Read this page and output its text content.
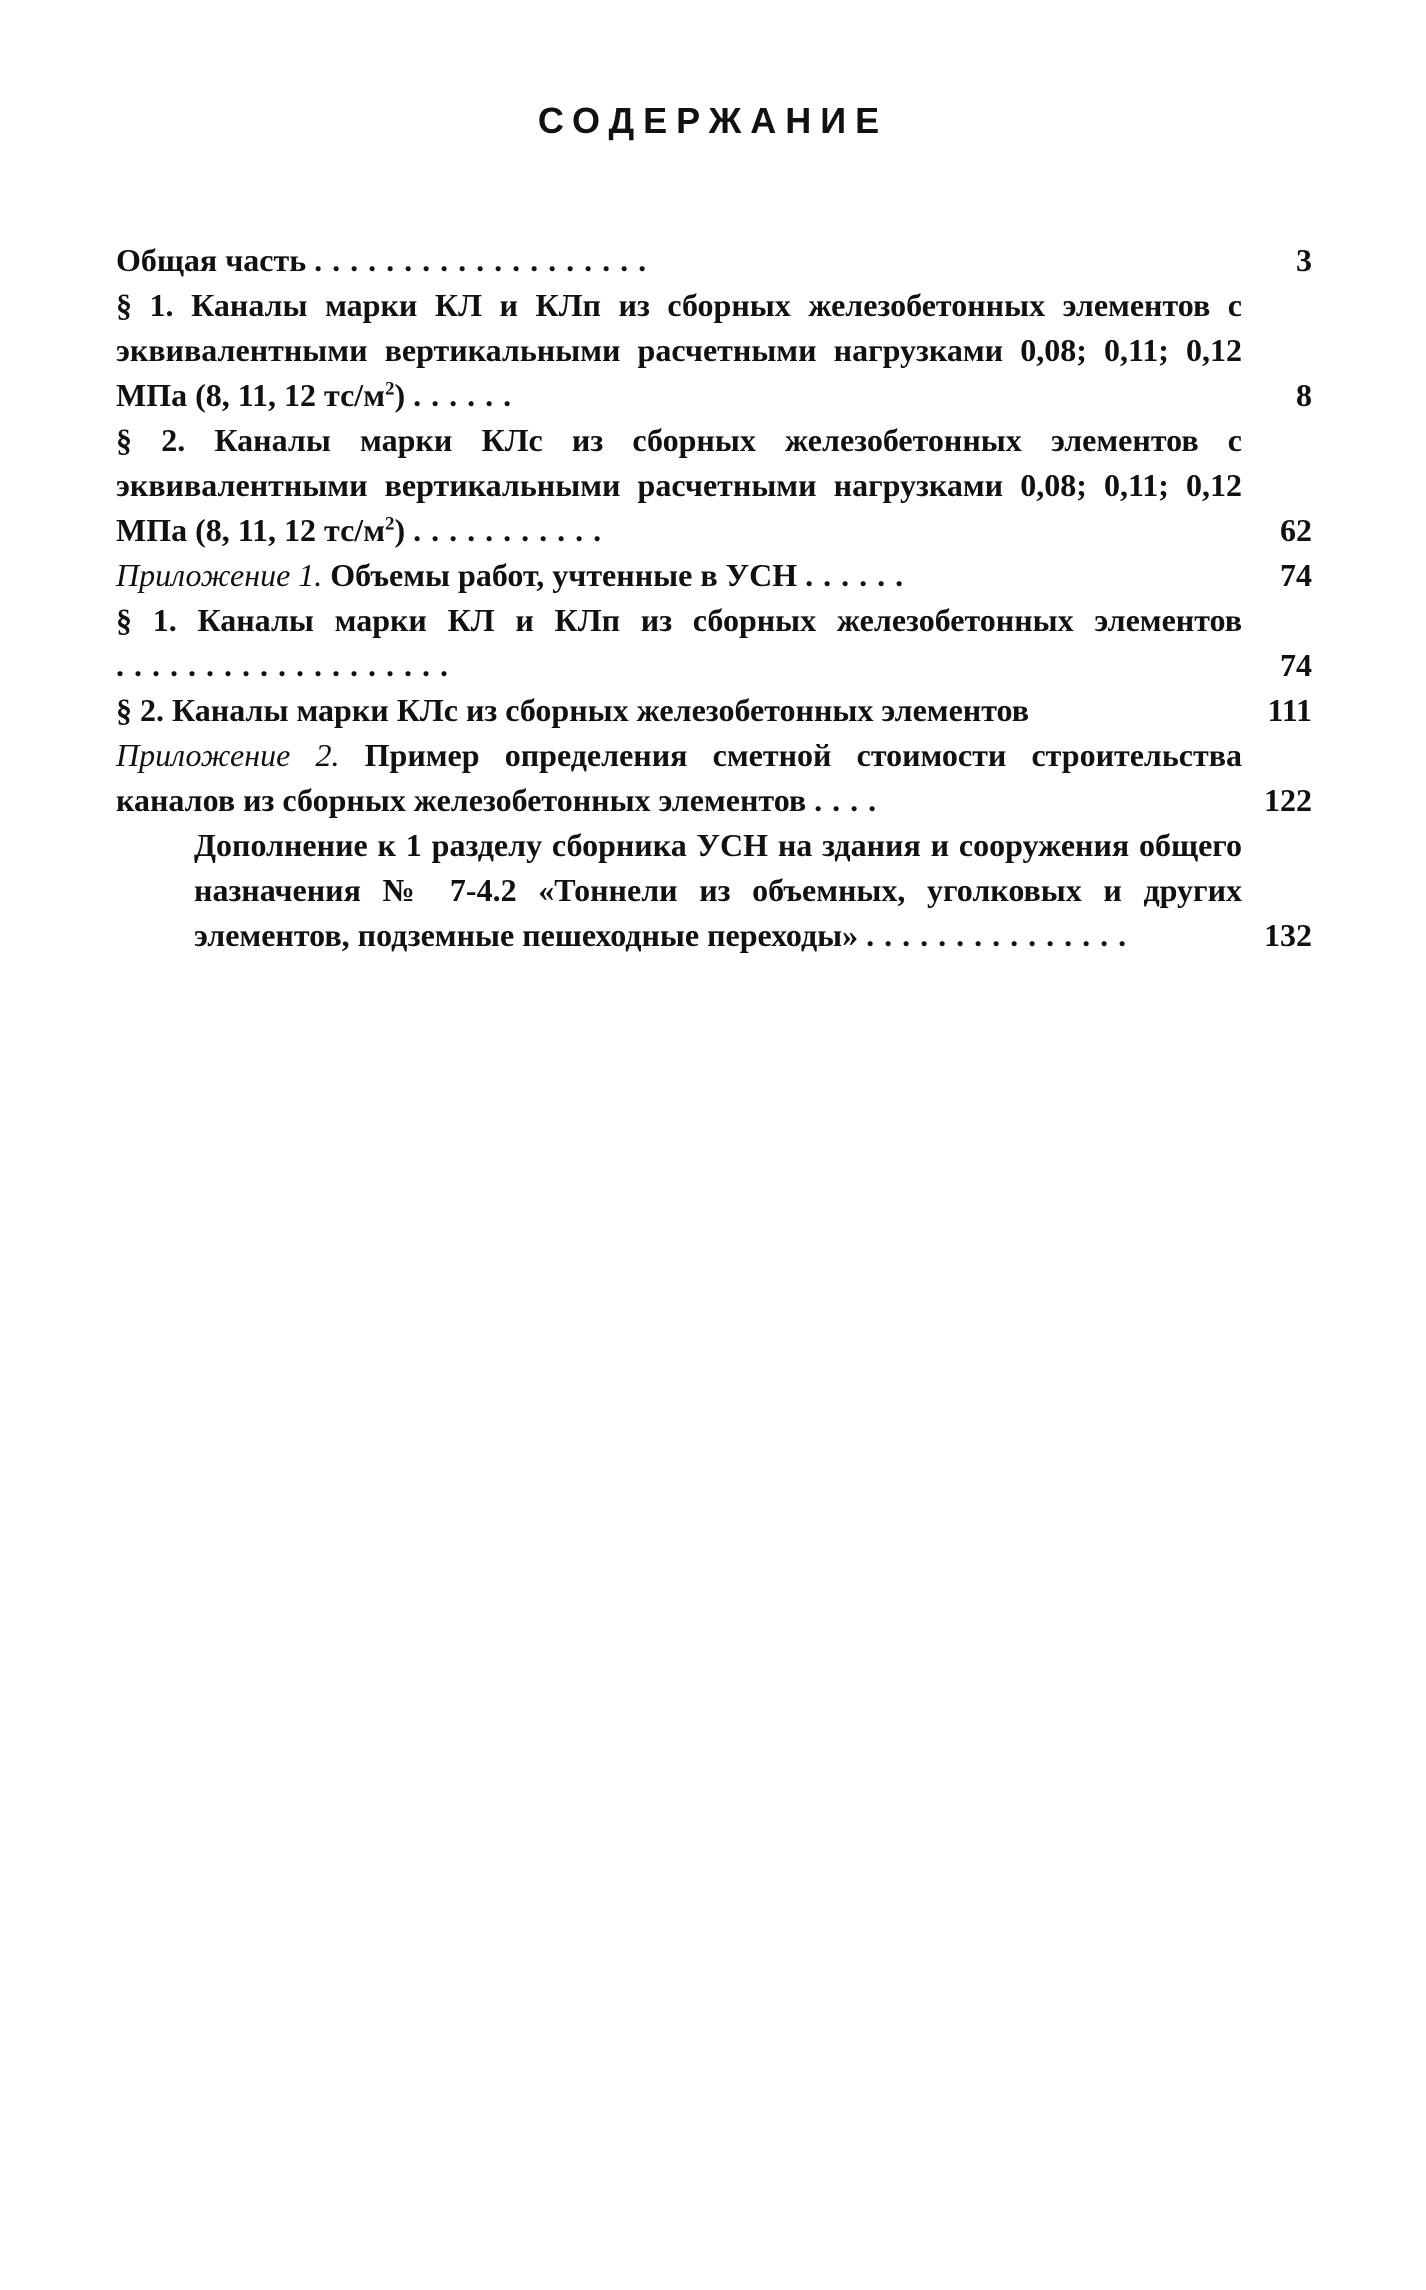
СОДЕРЖАНИЕ
Общая часть ...................	3
§ 1. Каналы марки КЛ и КЛп из сборных железобетонных элементов с эквивалентными вертикальными расчетными нагрузками 0,08; 0,11; 0,12 МПа (8, 11, 12 $тс/м^2$) ......	8
§ 2. Каналы марки КЛс из сборных железобетонных элементов с эквивалентными вертикальными расчетными нагрузками 0,08; 0,11; 0,12 МПа (8, 11, 12 $тс/м^2$) ...........	62
Приложение 1. Объемы работ, учтенные в УСН ......	74
§ 1. Каналы марки КЛ и КЛп из сборных железобетонных элементов ...................	74
§ 2. Каналы марки КЛс из сборных железобетонных элементов	111
Приложение 2. Пример определения сметной стоимости строительства каналов из сборных железобетонных элементов ....	122
Дополнение к 1 разделу сборника УСН на здания и сооружения общего назначения № 7-4.2 «Тоннели из объемных, уголковых и других элементов, подземные пешеходные переходы» ...............	132
